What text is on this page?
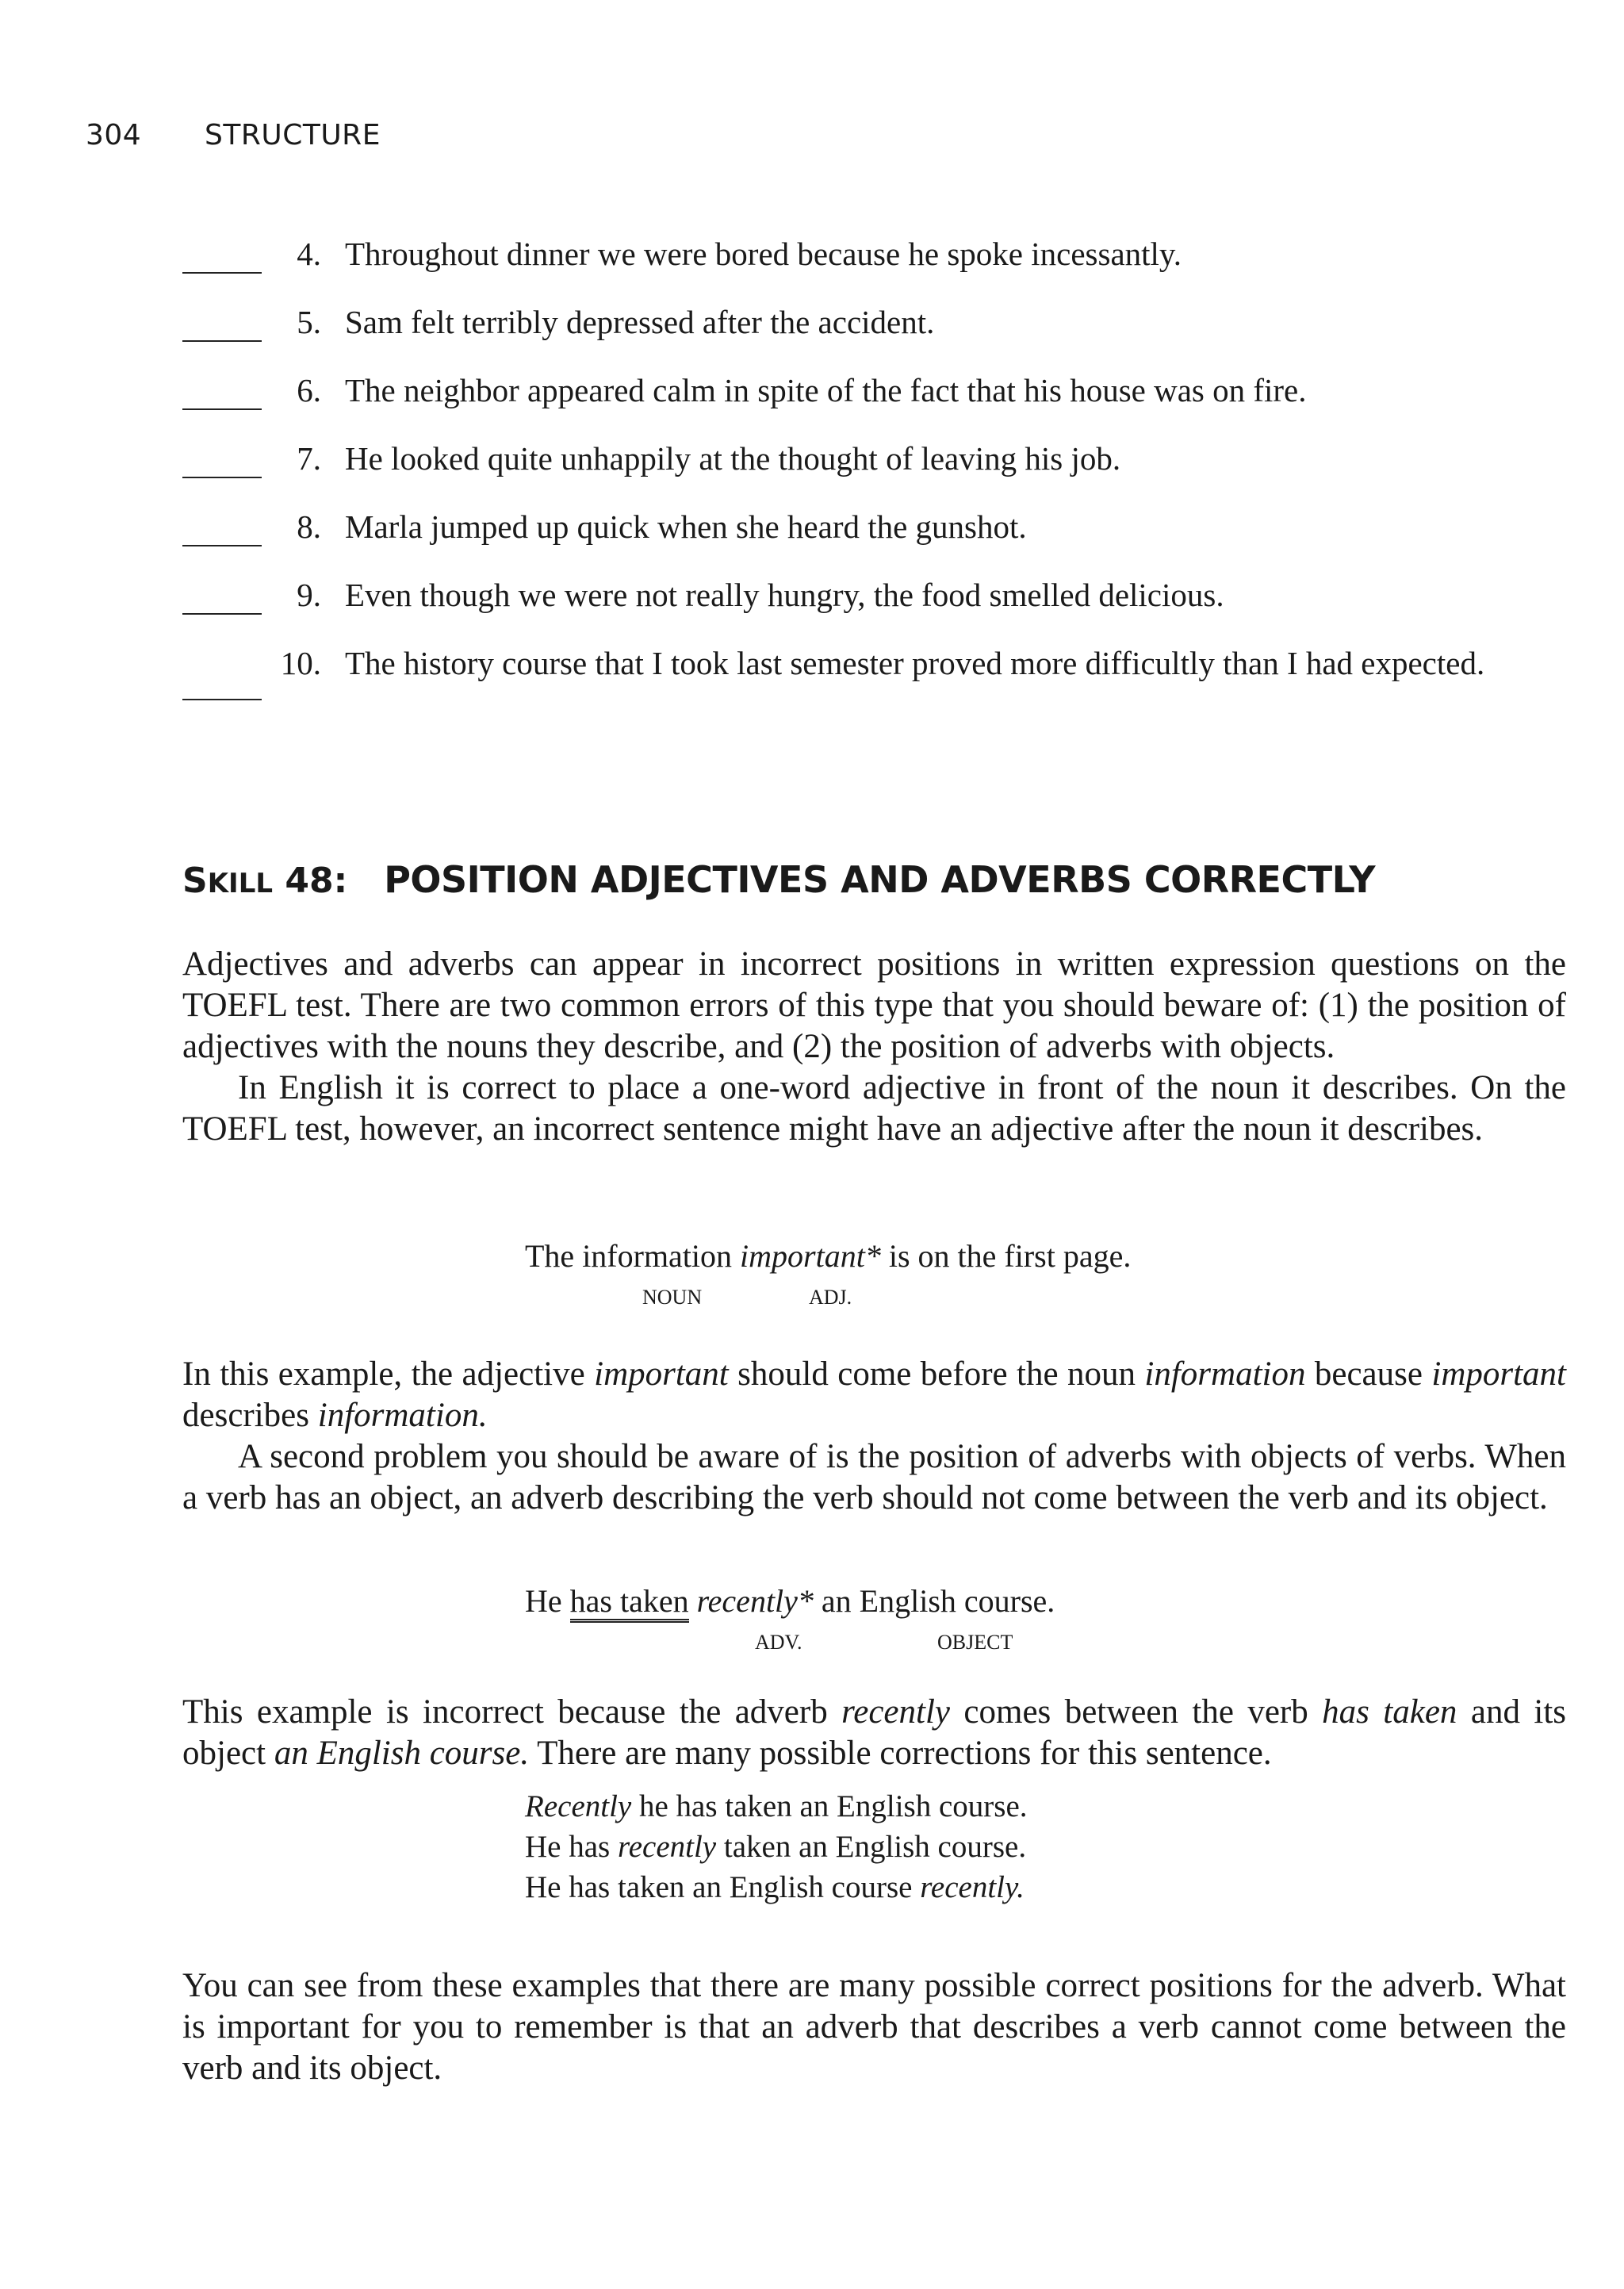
304 STRUCTURE
4. Throughout dinner we were bored because he spoke incessantly.
5. Sam felt terribly depressed after the accident.
6. The neighbor appeared calm in spite of the fact that his house was on fire.
7. He looked quite unhappily at the thought of leaving his job.
8. Marla jumped up quick when she heard the gunshot.
9. Even though we were not really hungry, the food smelled delicious.
10. The history course that I took last semester proved more difficultly than I had expected.
SKILL 48: POSITION ADJECTIVES AND ADVERBS CORRECTLY

Adjectives and adverbs can appear in incorrect positions in written expression questions on the TOEFL test. There are two common errors of this type that you should beware of: (1) the position of adjectives with the nouns they describe, and (2) the position of adverbs with objects.

In English it is correct to place a one-word adjective in front of the noun it describes. On the TOEFL test, however, an incorrect sentence might have an adjective after the noun it describes.

The information important* is on the first page.
NOUN	ADJ.

In this example, the adjective important should come before the noun information because important describes information.

A second problem you should be aware of is the position of adverbs with objects of verbs. When a verb has an object, an adverb describing the verb should not come between the verb and its object.

He has taken recently* an English course.
ADV.	OBJECT

This example is incorrect because the adverb recently comes between the verb has taken and its object an English course. There are many possible corrections for this sentence.

Recently he has taken an English course.
He has recently taken an English course.
He has taken an English course recently.

You can see from these examples that there are many possible correct positions for the adverb. What is important for you to remember is that an adverb that describes a verb cannot come between the verb and its object.
